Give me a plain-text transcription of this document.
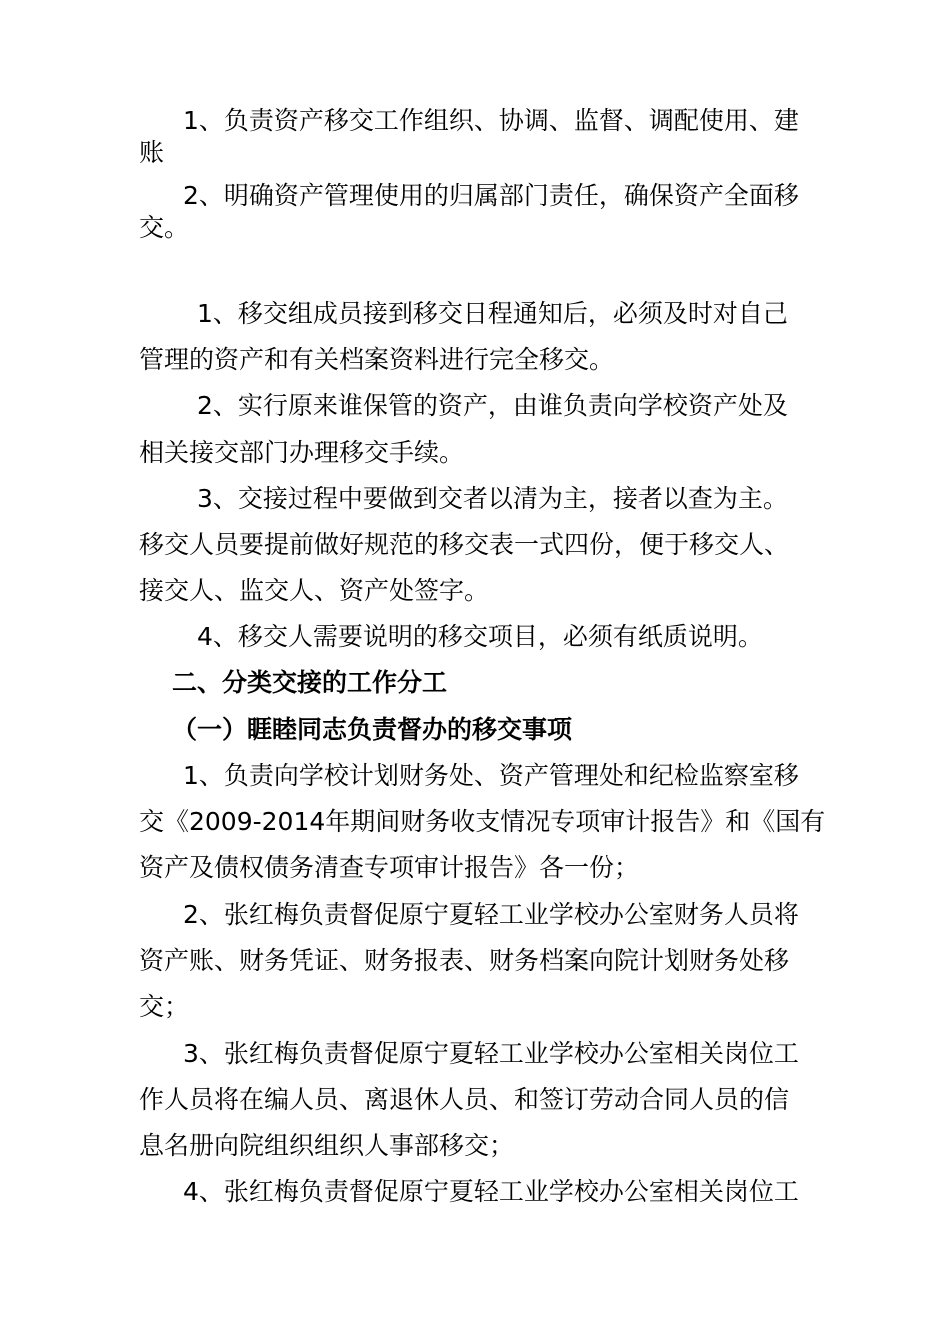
1、负责资产移交工作组织、协调、监督、调配使用、建
账
2、明确资产管理使用的归属部门责任，确保资产全面移
交。
1、移交组成员接到移交日程通知后，必须及时对自己
管理的资产和有关档案资料进行完全移交。
2、实行原来谁保管的资产，由谁负责向学校资产处及
相关接交部门办理移交手续。
3、交接过程中要做到交者以清为主，接者以查为主。
移交人员要提前做好规范的移交表一式四份，便于移交人、
接交人、监交人、资产处签字。
4、移交人需要说明的移交项目，必须有纸质说明。
二、分类交接的工作分工
（一）睚睦同志负责督办的移交事项
1、负责向学校计划财务处、资产管理处和纪检监察室移
交《2009-2014年期间财务收支情况专项审计报告》和《国有
资产及债权债务清查专项审计报告》各一份；
2、张红梅负责督促原宁夏轻工业学校办公室财务人员将
资产账、财务凭证、财务报表、财务档案向院计划财务处移
交；
3、张红梅负责督促原宁夏轻工业学校办公室相关岗位工
作人员将在编人员、离退休人员、和签订劳动合同人员的信
息名册向院组织组织人事部移交；
4、张红梅负责督促原宁夏轻工业学校办公室相关岗位工
